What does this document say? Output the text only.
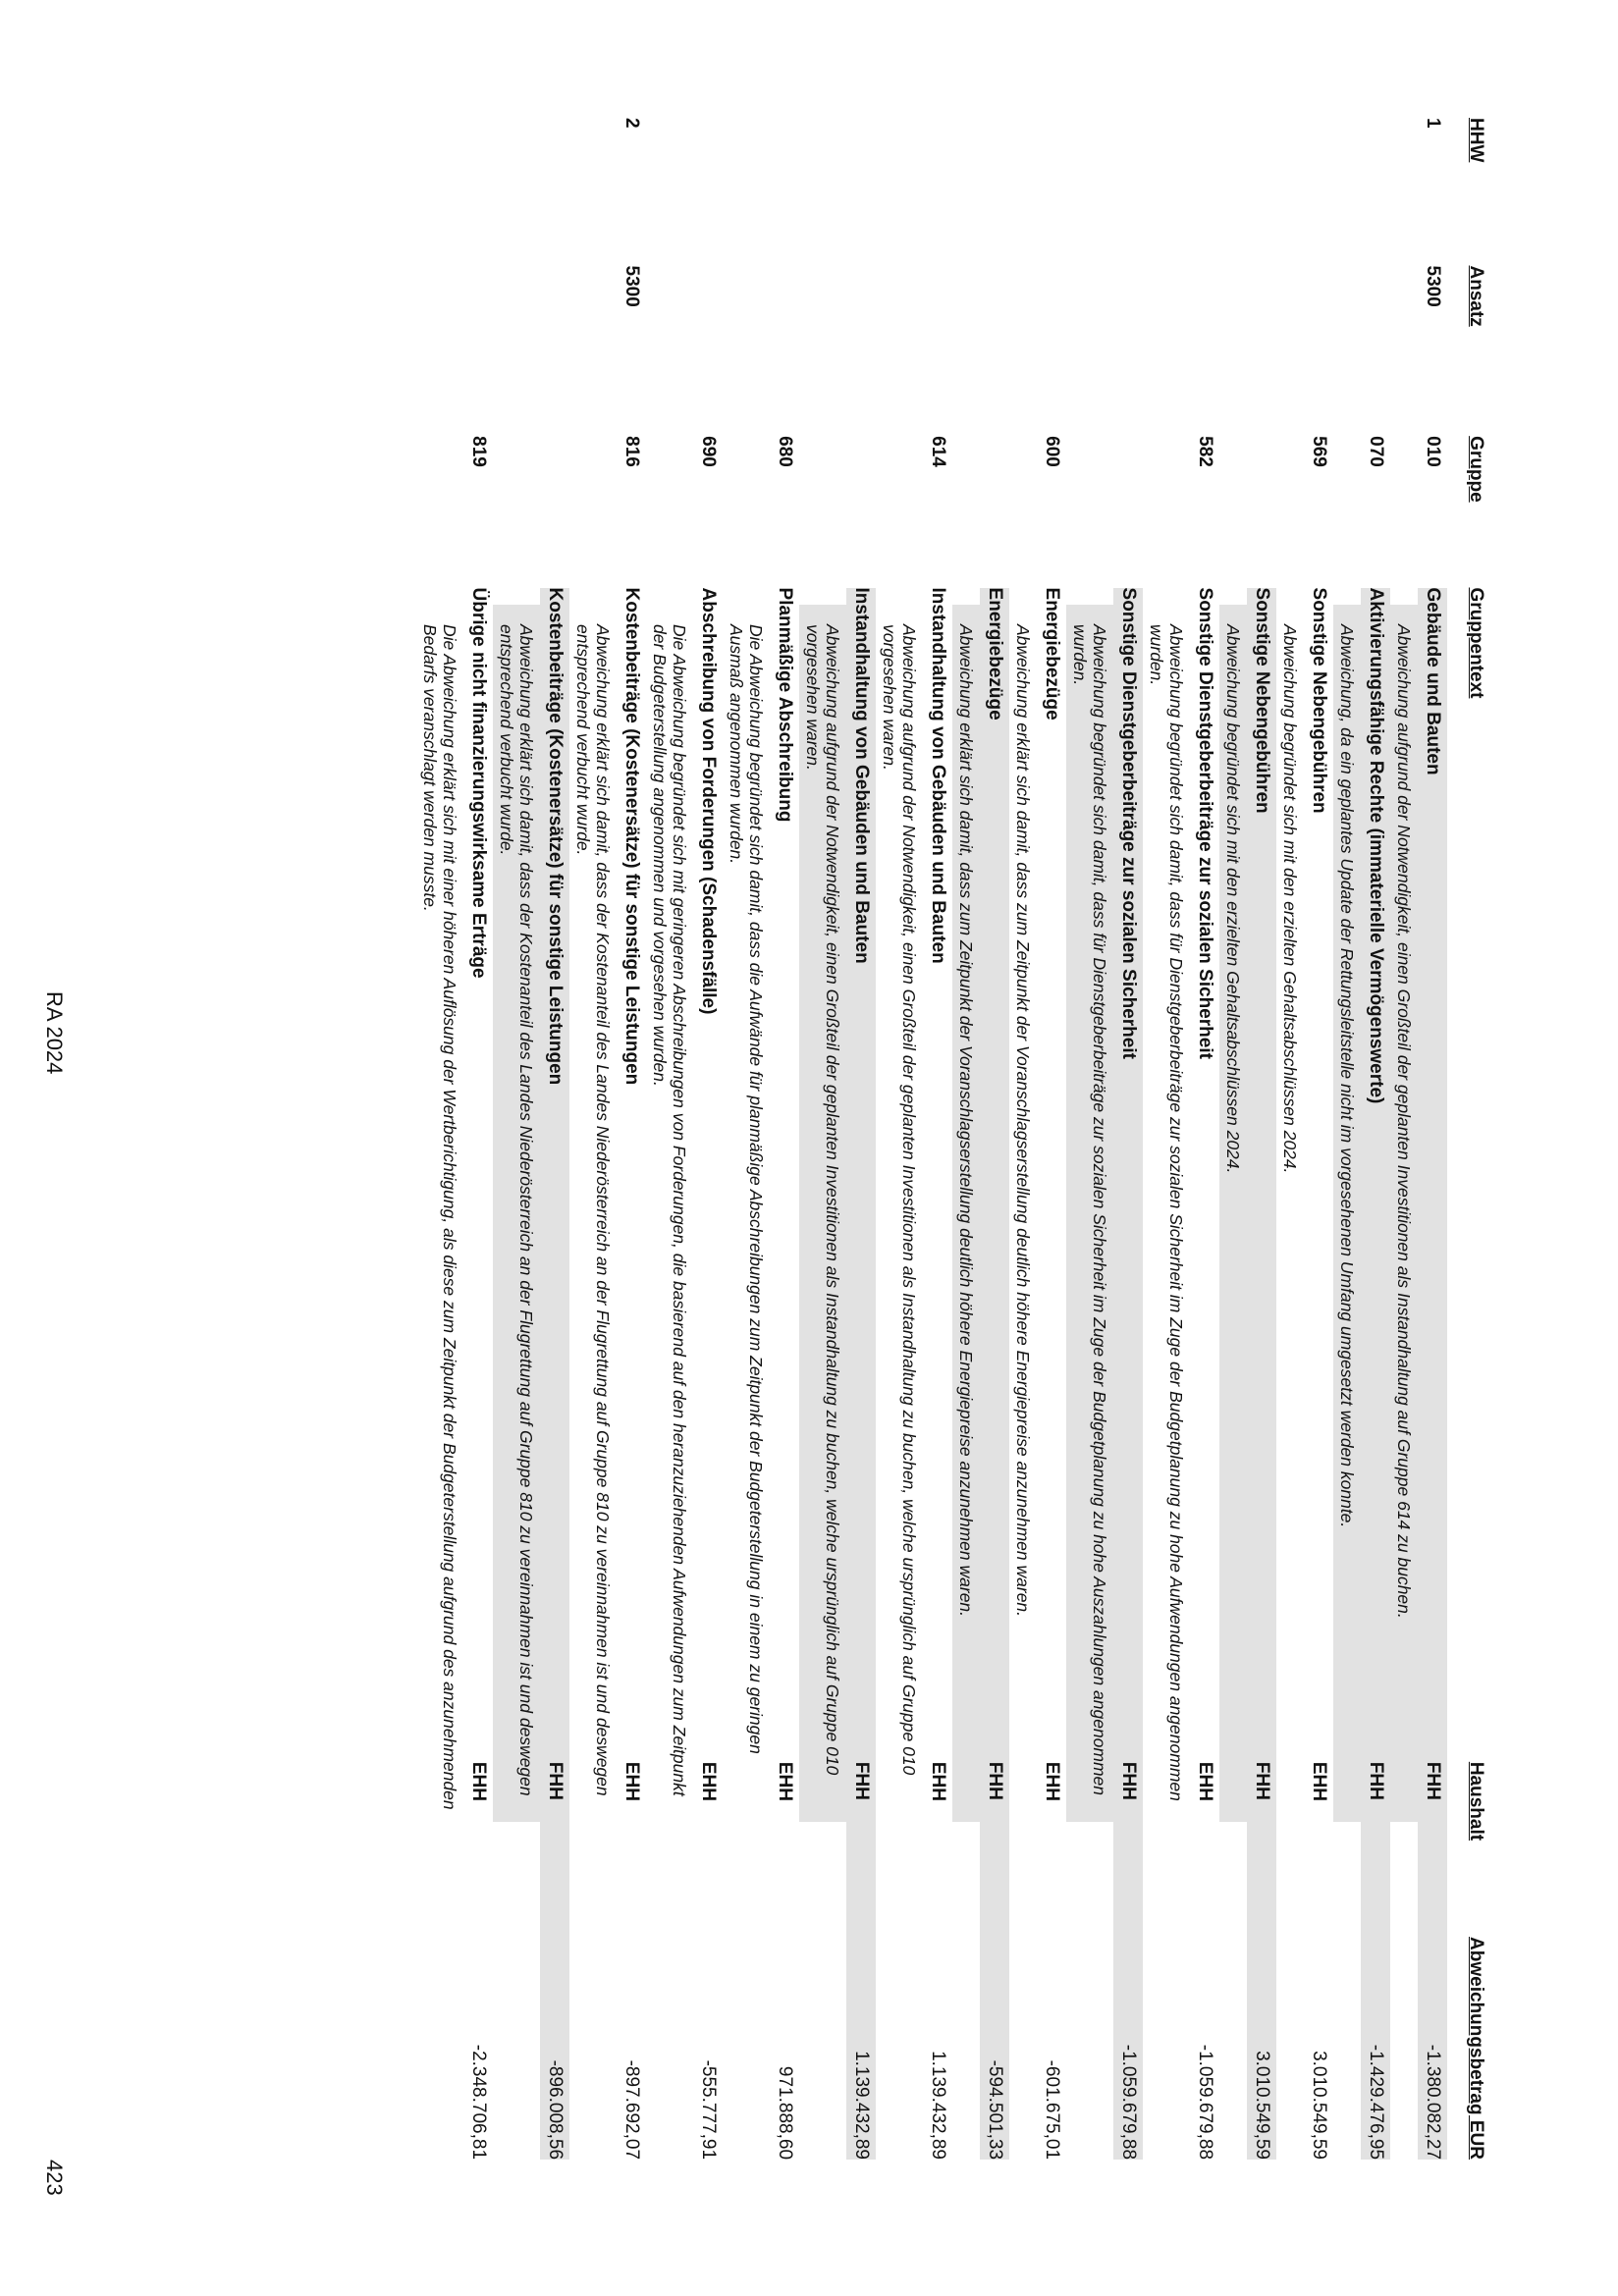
HHW
Ansatz
Gruppe
Gruppentext
Haushalt
Abweichungsbetrag EUR
1
5300
010
Gebäude und Bauten
FHH
-1.380.082,27
Abweichung aufgrund der Notwendigkeit, einen Großteil der geplanten Investitionen als Instandhaltung auf Gruppe 614 zu buchen.
070
Aktivierungsfähige Rechte (immaterielle Vermögenswerte)
FHH
-1.429.476,95
Abweichung, da ein geplantes Update der Rettungsleitstelle nicht im vorgesehenen Umfang umgesetzt werden konnte.
569
Sonstige Nebengebühren
EHH
3.010.549,59
Abweichung begründet sich mit den erzielten Gehaltsabschlüssen 2024.
Sonstige Nebengebühren
FHH
3.010.549,59
Abweichung begründet sich mit den erzielten Gehaltsabschlüssen 2024.
582
Sonstige Dienstgeberbeiträge zur sozialen Sicherheit
EHH
-1.059.679,88
Abweichung begründet sich damit, dass für Dienstgeberbeiträge zur sozialen Sicherheit im Zuge der Budgetplanung zu hohe Aufwendungen angenommen wurden.
Sonstige Dienstgeberbeiträge zur sozialen Sicherheit
FHH
-1.059.679,88
Abweichung begründet sich damit, dass für Dienstgeberbeiträge zur sozialen Sicherheit im Zuge der Budgetplanung zu hohe Auszahlungen angenommen wurden.
600
Energiebezüge
EHH
-601.675,01
Abweichung erklärt sich damit, dass zum Zeitpunkt der Voranschlagserstellung deutlich höhere Energiepreise anzunehmen waren.
Energiebezüge
FHH
-594.501,33
Abweichung erklärt sich damit, dass zum Zeitpunkt der Voranschlagserstellung deutlich höhere Energiepreise anzunehmen waren.
614
Instandhaltung von Gebäuden und Bauten
EHH
1.139.432,89
Abweichung aufgrund der Notwendigkeit, einen Großteil der geplanten Investitionen als Instandhaltung zu buchen, welche ursprünglich auf Gruppe 010 vorgesehen waren.
Instandhaltung von Gebäuden und Bauten
FHH
1.139.432,89
Abweichung aufgrund der Notwendigkeit, einen Großteil der geplanten Investitionen als Instandhaltung zu buchen, welche ursprünglich auf Gruppe 010 vorgesehen waren.
680
Planmäßige Abschreibung
EHH
971.888,60
Die Abweichung begründet sich damit, dass die Aufwände für planmäßige Abschreibungen zum Zeitpunkt der Budgeterstellung in einem zu geringen Ausmaß angenommen wurden.
690
Abschreibung von Forderungen (Schadensfälle)
EHH
-555.777,91
Die Abweichung begründet sich mit geringeren Abschreibungen von Forderungen, die basierend auf den heranzuziehenden Aufwendungen zum Zeitpunkt der Budgeterstellung angenommen und vorgesehen wurden.
2
5300
816
Kostenbeiträge (Kostenersätze) für sonstige Leistungen
EHH
-897.692,07
Abweichung erklärt sich damit, dass der Kostenanteil des Landes Niederösterreich an der Flugrettung auf Gruppe 810 zu vereinnahmen ist und deswegen entsprechend verbucht wurde.
Kostenbeiträge (Kostenersätze) für sonstige Leistungen
FHH
-896.008,56
Abweichung erklärt sich damit, dass der Kostenanteil des Landes Niederösterreich an der Flugrettung auf Gruppe 810 zu vereinnahmen ist und deswegen entsprechend verbucht wurde.
819
Übrige nicht finanzierungswirksame Erträge
EHH
-2.348.706,81
Die Abweichung erklärt sich mit einer höheren Auflösung der Wertberichtigung, als diese zum Zeitpunkt der Budgeterstellung aufgrund des anzunehmenden Bedarfs veranschlagt werden musste.
RA 2024
423
